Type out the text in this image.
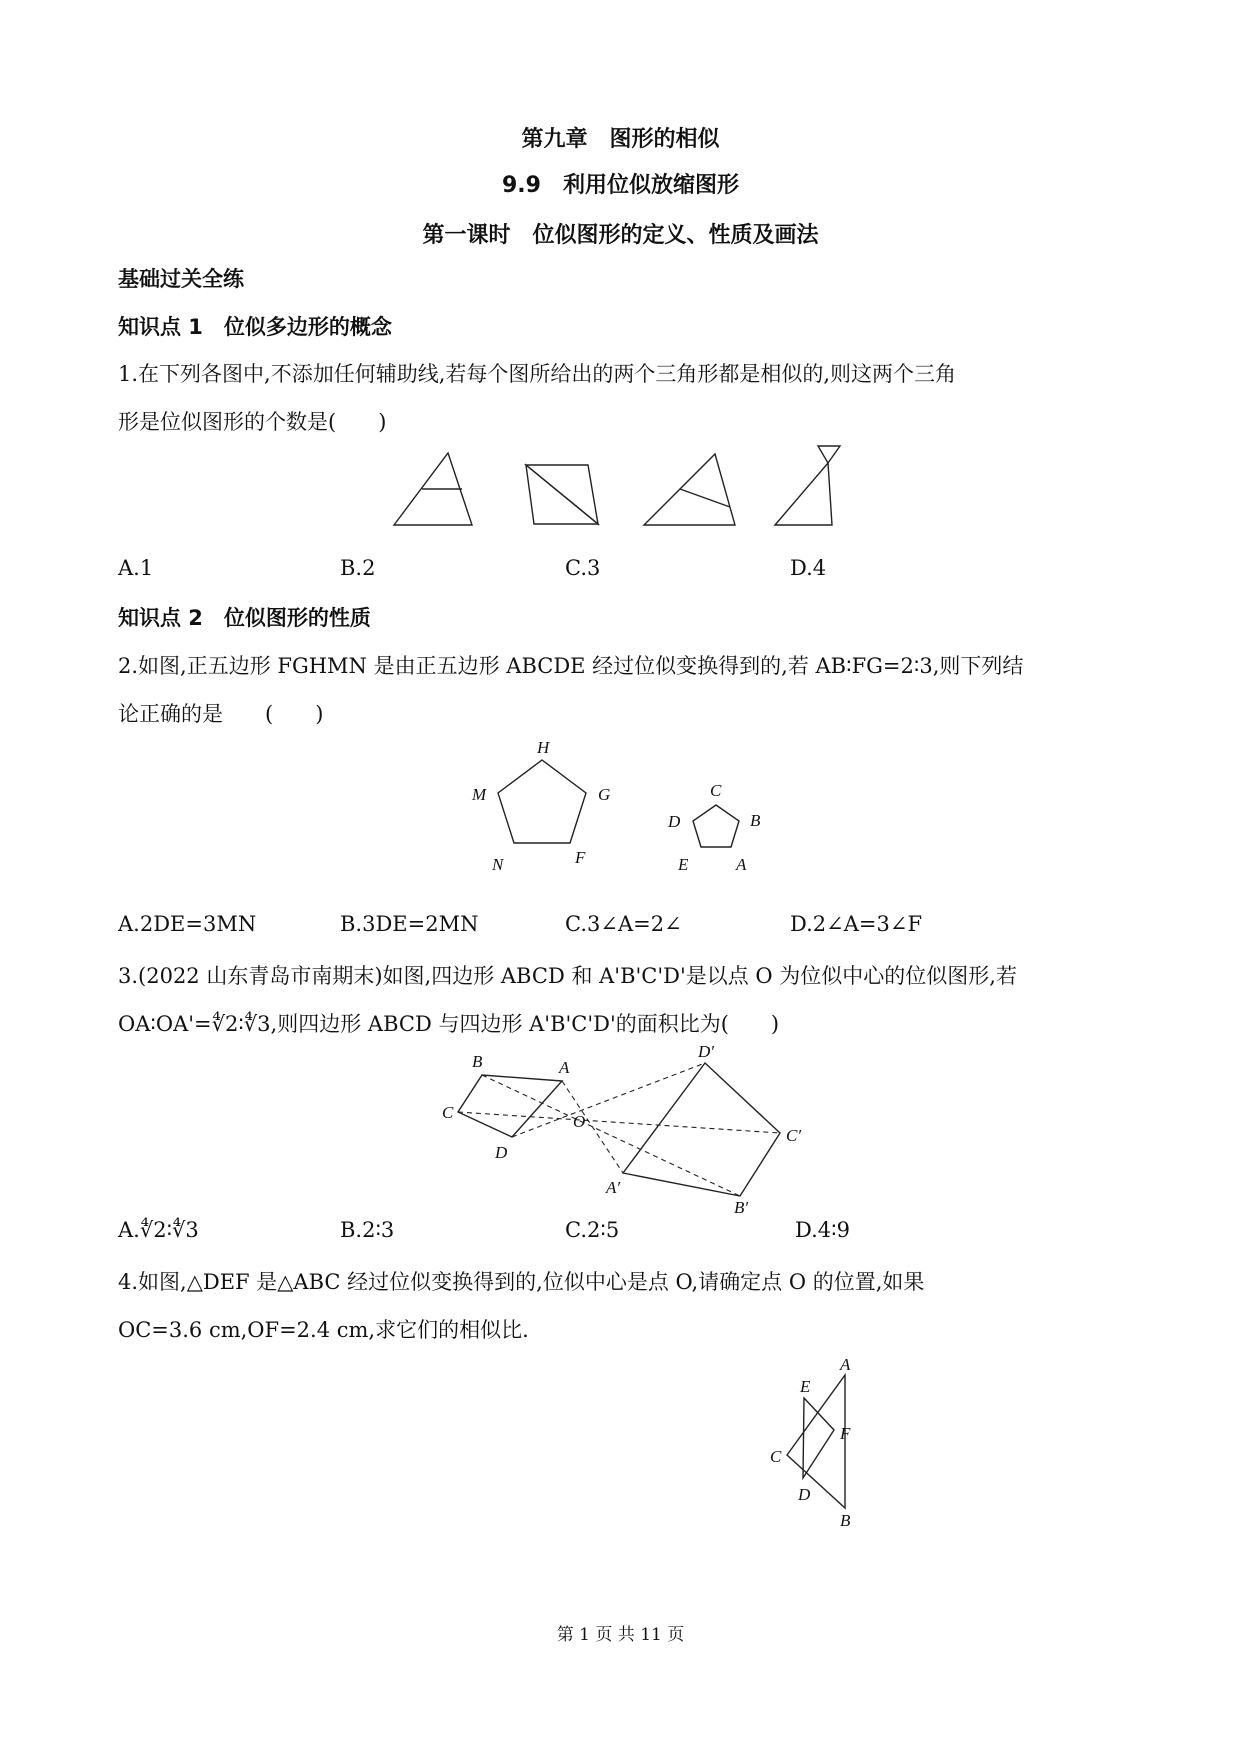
第九章　图形的相似
9.9　利用位似放缩图形
第一课时　位似图形的定义、性质及画法
基础过关全练
知识点 1　位似多边形的概念
1.在下列各图中,不添加任何辅助线,若每个图所给出的两个三角形都是相似的,则这两个三角
形是位似图形的个数是(　　)
A.1	B.2	C.3	D.4
知识点 2　位似图形的性质
2.如图,正五边形 FGHMN 是由正五边形 ABCDE 经过位似变换得到的,若 AB∶FG=2∶3,则下列结
论正确的是　　(　　)
H
G
M
N	F
C
D	B
E	A
A.2DE=3MN	B.3DE=2MN	C.3∠A=2∠	D.2∠A=3∠F
3.(2022 山东青岛市南期末)如图,四边形 ABCD 和 A'B'C'D'是以点 O 为位似中心的位似图形,若
OA∶OA'=∜2∶∜3,则四边形 ABCD 与四边形 A'B'C'D'的面积比为(　　)
B	A
C	O
D
D′
C′
A′
B′
A.∜2∶∜3	B.2∶3	C.2∶5	D.4∶9
4.如图,△DEF 是△ABC 经过位似变换得到的,位似中心是点 O,请确定点 O 的位置,如果
OC=3.6 cm,OF=2.4 cm,求它们的相似比.
A
C
B
E
F
D
第 1 页 共 11 页
